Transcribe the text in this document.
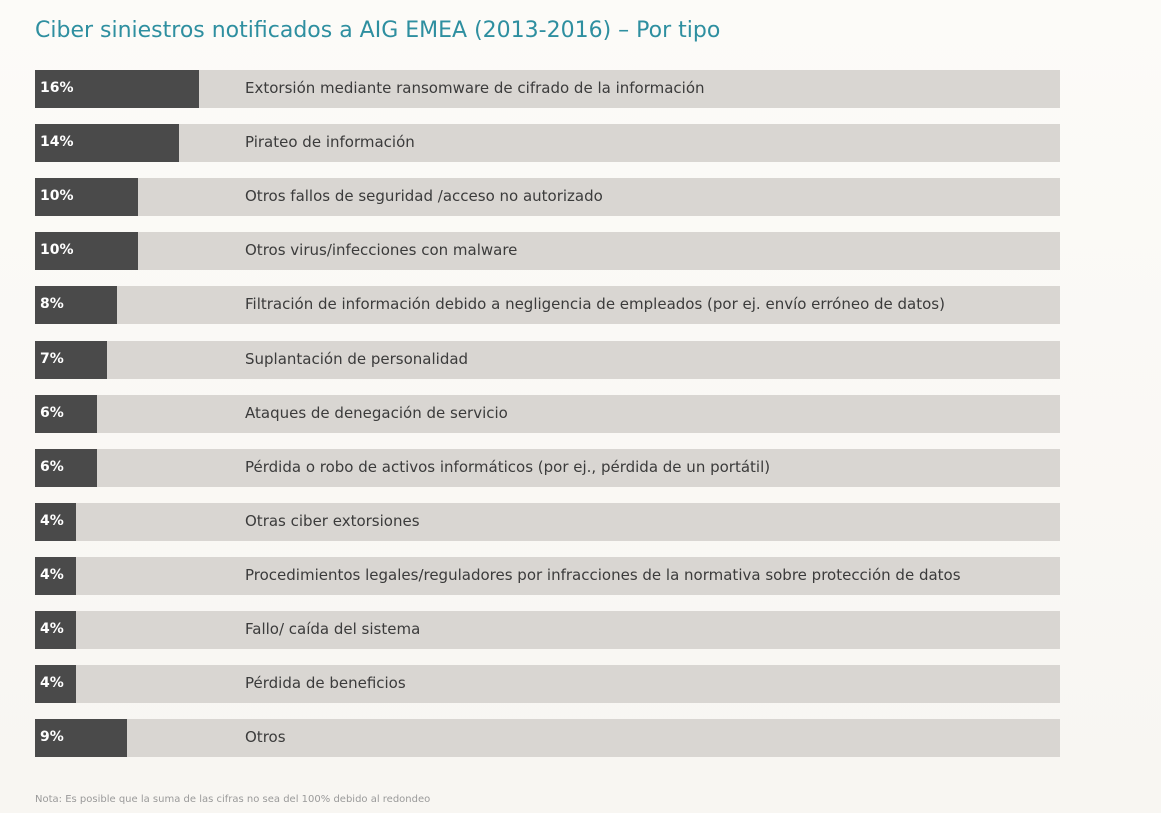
Ciber siniestros notificados a AIG EMEA (2013-2016) – Por tipo
16%	Extorsión mediante ransomware de cifrado de la información
14%	Pirateo de información
10%	Otros fallos de seguridad /acceso no autorizado
10%	Otros virus/infecciones con malware
8%	Filtración de información debido a negligencia de empleados (por ej. envío erróneo de datos)
7%	Suplantación de personalidad
6%	Ataques de denegación de servicio
6%	Pérdida o robo de activos informáticos (por ej., pérdida de un portátil)
4%	Otras ciber extorsiones
4%	Procedimientos legales/reguladores por infracciones de la normativa sobre protección de datos
4%	Fallo/ caída del sistema
4%	Pérdida de beneficios
9%	Otros

Nota: Es posible que la suma de las cifras no sea del 100% debido al redondeo
